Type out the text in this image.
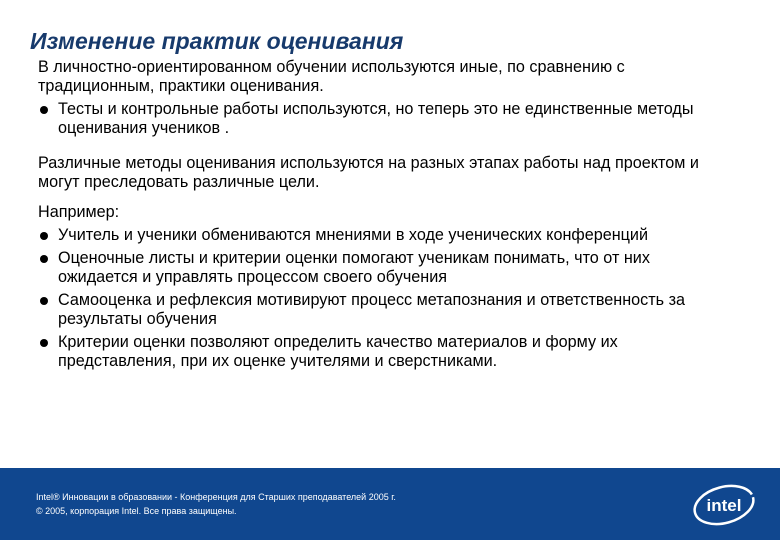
Изменение практик оценивания

В личностно-ориентированном обучении используются иные, по сравнению с традиционным, практики оценивания.

Тесты и контрольные работы используются, но теперь это не единственные методы оценивания учеников .

Различные методы оценивания используются на разных этапах работы над проектом и могут преследовать различные цели.

Например:

Учитель и ученики обмениваются мнениями в ходе ученических конференций
Оценочные листы и критерии оценки помогают ученикам понимать, что от них ожидается и управлять процессом своего обучения
Самооценка и рефлексия мотивируют процесс метапознания и ответственность за результаты обучения
Критерии оценки позволяют определить качество материалов и форму их представления, при их оценке учителями и сверстниками.
Intel® Инновации в образовании - Конференция для Старших преподавателей 2005 г.
© 2005, корпорация Intel. Все права защищены.	intel
